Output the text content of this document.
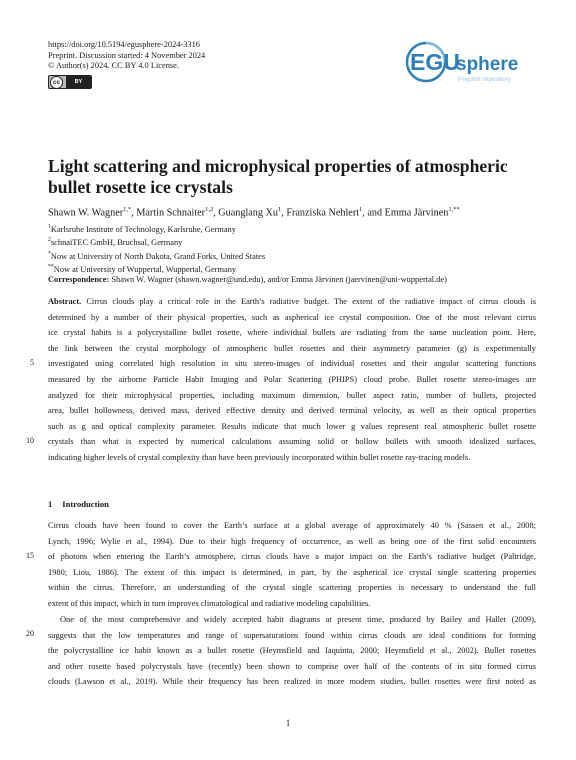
https://doi.org/10.5194/egusphere-2024-3316
Preprint. Discussion started: 4 November 2024
© Author(s) 2024. CC BY 4.0 License.
cc	BY
EGU
sphere
Preprint repository
Light scattering and microphysical properties of atmospheric bullet rosette ice crystals
Shawn W. Wagner$^{1,*}$, Martin Schnaiter$^{1,2}$, Guanglang Xu$^1$, Franziska Nehlert$^1$, and Emma Järvinen$^{1,**}$
$^1$Karlsruhe Institute of Technology, Karlsruhe, Germany
$^2$schnaiTEC GmbH, Bruchsal, Germany
*Now at University of North Dakota, Grand Forks, United States
**Now at University of Wuppertal, Wuppertal, Germany
Correspondence: Shawn W. Wagner (shawn.wagner@und.edu), and/or Emma Järvinen (jaervinen@uni-wuppertal.de)
Abstract. Cirrus clouds play a critical role in the Earth’s radiative budget. The extent of the radiative impact of cirrus clouds is
determined by a number of their physical properties, such as aspherical ice crystal composition. One of the most relevant cirrus
ice crystal habits is a polycrystalline bullet rosette, where individual bullets are radiating from the same nucleation point. Here,
the link between the crystal morphology of atmospheric bullet rosettes and their asymmetry parameter (g) is experimentally
investigated using correlated high resolution in situ stereo-images of individual rosettes and their angular scattering functions
measured by the airborne Particle Habit Imaging and Polar Scattering (PHIPS) cloud probe. Bullet rosette stereo-images are
analyzed for their microphysical properties, including maximum dimension, bullet aspect ratio, number of bullets, projected
area, bullet hollowness, derived mass, derived effective density and derived terminal velocity, as well as their optical properties
such as g and optical complexity parameter. Results indicate that much lower g values represent real atmospheric bullet rosette
crystals than what is expected by numerical calculations assuming solid or hollow bullets with smooth idealized surfaces,
indicating higher levels of crystal complexity than have been previously incorporated within bullet rosette ray-tracing models.
1 Introduction
Cirrus clouds have been found to cover the Earth’s surface at a global average of approximately 40 % (Sassen et al., 2008;
Lynch, 1996; Wylie et al., 1994). Due to their high frequency of occurrence, as well as being one of the first solid encounters
of photons when entering the Earth’s atmosphere, cirrus clouds have a major impact on the Earth’s radiative budget (Paltridge,
1980; Liou, 1986). The extent of this impact is determined, in part, by the aspherical ice crystal single scattering properties
within the cirrus. Therefore, an understanding of the crystal single scattering properties is necessary to understand the full
extent of this impact, which in turn improves climatological and radiative modeling capabilities.
One of the most comprehensive and widely accepted habit diagrams at present time, produced by Bailey and Hallet (2009),
suggests that the low temperatures and range of supersaturations found within cirrus clouds are ideal conditions for forming
the polycrystalline ice habit known as a bullet rosette (Heymsfield and Iaquinta, 2000; Heymsfield et al., 2002). Bullet rosettes
and other rosette based polycrystals have (recently) been shown to comprise over half of the contents of in situ formed cirrus
clouds (Lawson et al., 2019). While their frequency has been realized in more modern studies, bullet rosettes were first noted as
5
10
15
20
1
